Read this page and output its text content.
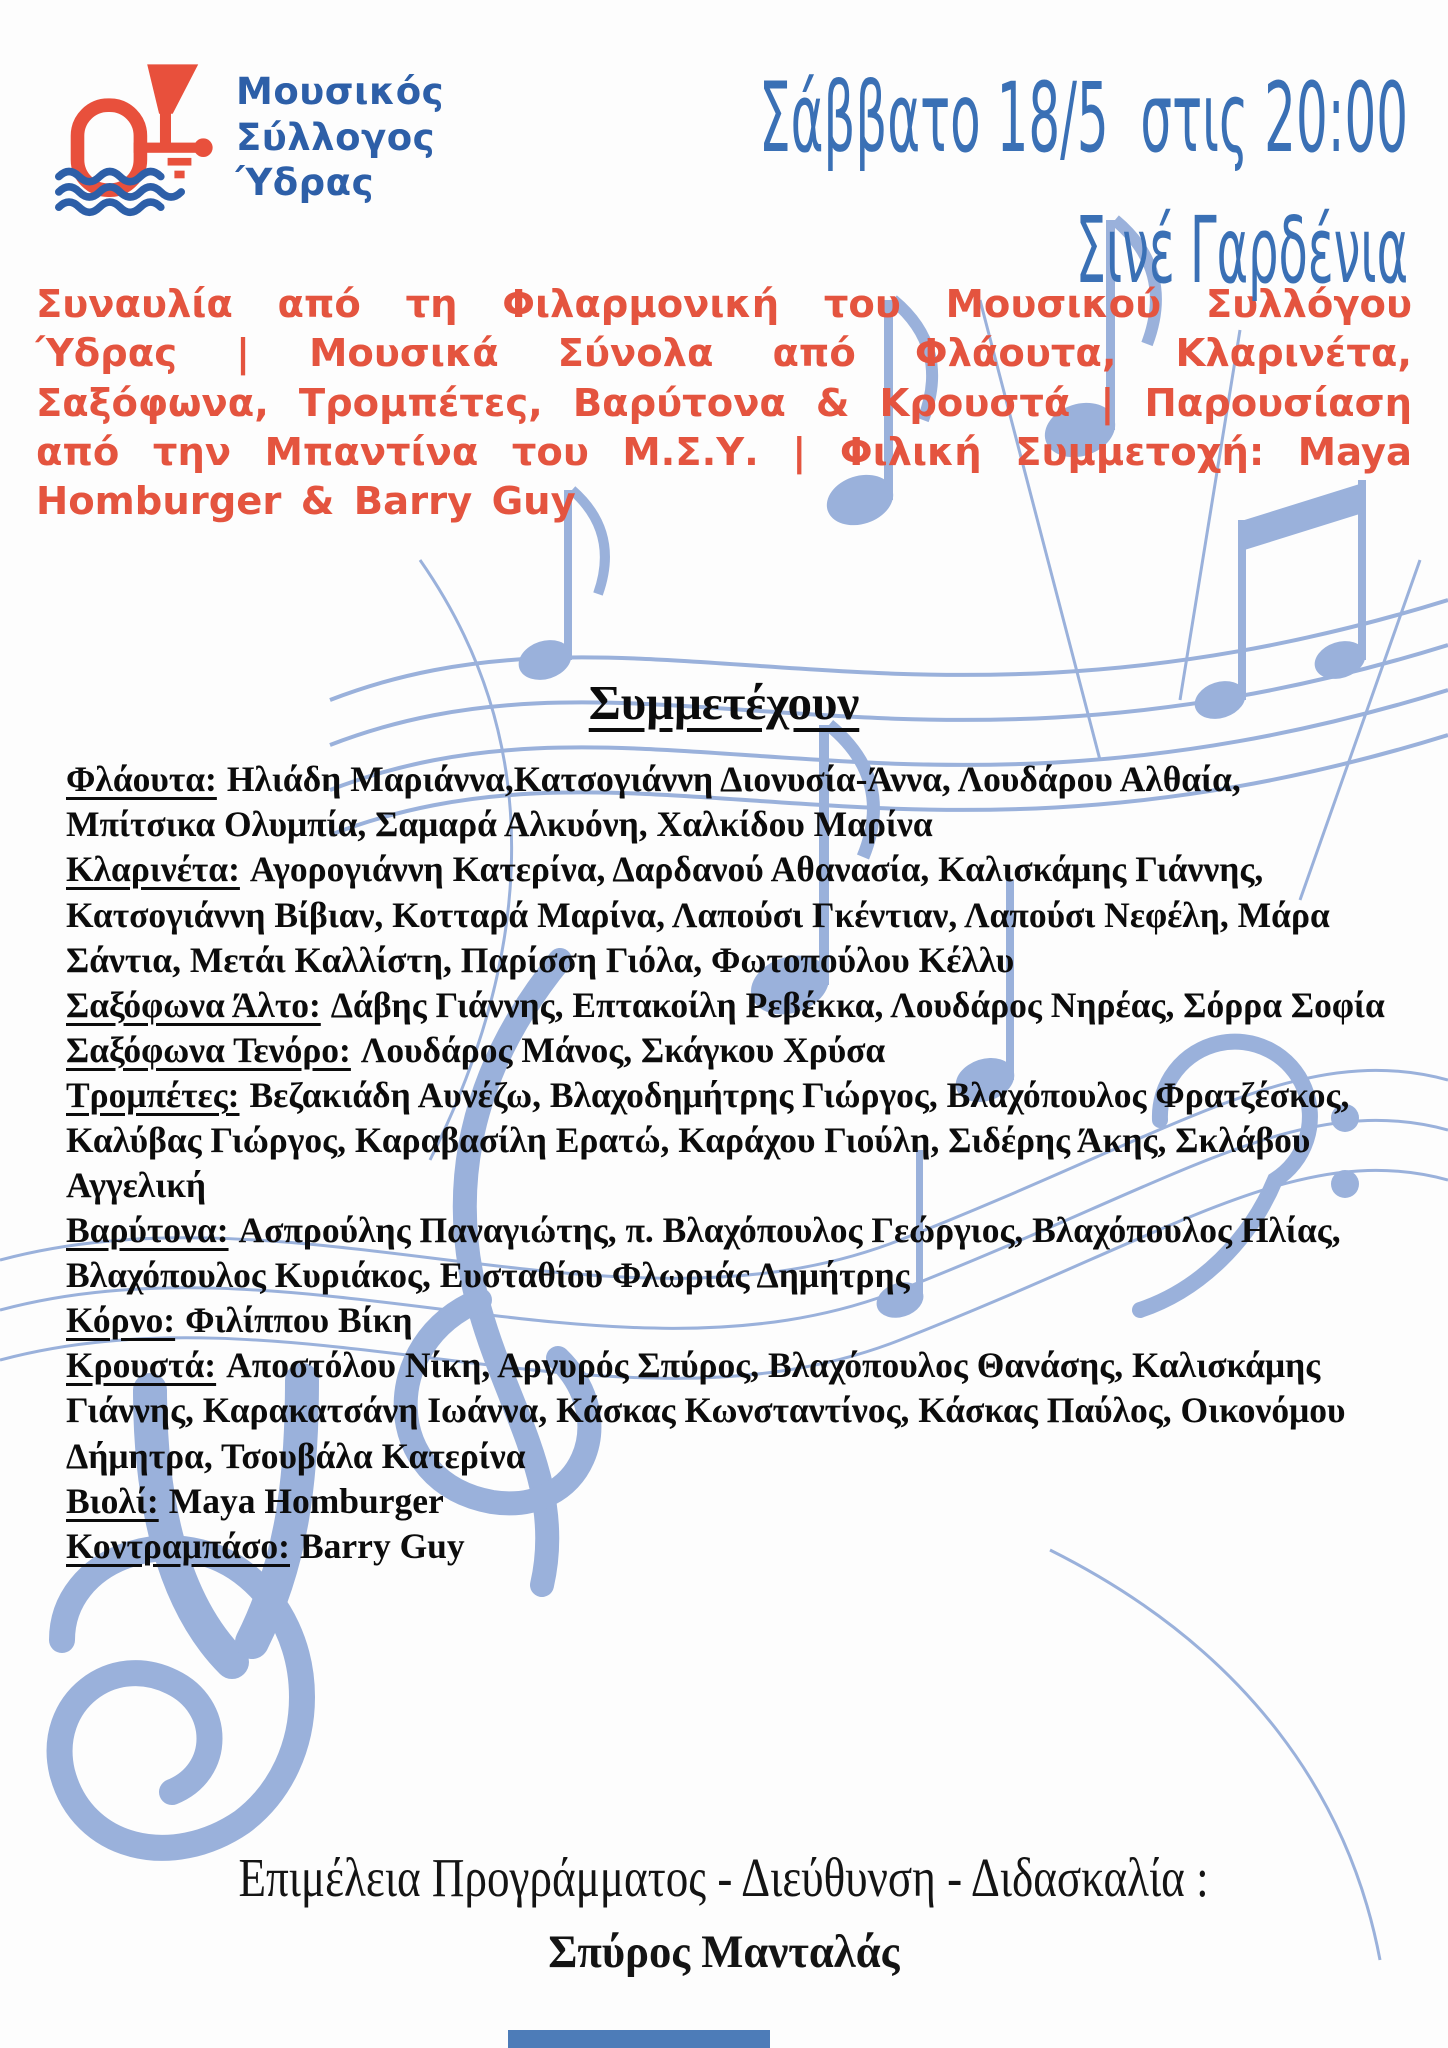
Μουσικός
Σύλλογος
Ύδρας
Σάββατο 18/5  στις 20:00
Σινέ Γαρδένια

Συναυλία από τη Φιλαρμονική του Μουσικού Συλλόγου Ύδρας | Μουσικά Σύνολα από Φλάουτα, Κλαρινέτα, Σαξόφωνα, Τρομπέτες, Βαρύτονα & Κρουστά | Παρουσίαση από την Μπαντίνα του Μ.Σ.Υ. | Φιλική Συμμετοχή: Maya Homburger & Barry Guy

Συμμετέχουν
Φλάουτα: Ηλιάδη Μαριάννα,Κατσογιάννη Διονυσία-Άννα, Λουδάρου Αλθαία, Μπίτσικα Ολυμπία, Σαμαρά Αλκυόνη, Χαλκίδου Μαρίνα
Κλαρινέτα: Αγορογιάννη Κατερίνα, Δαρδανού Αθανασία, Καλισκάμης Γιάννης, Κατσογιάννη Βίβιαν, Κοτταρά Μαρίνα, Λαπούσι Γκέντιαν, Λαπούσι Νεφέλη, Μάρα Σάντια, Μετάι Καλλίστη, Παρίσση Γιόλα, Φωτοπούλου Κέλλυ
Σαξόφωνα Άλτο: Δάβης Γιάννης, Επτακοίλη Ρεβέκκα, Λουδάρος Νηρέας, Σόρρα Σοφία
Σαξόφωνα Τενόρο: Λουδάρος Μάνος, Σκάγκου Χρύσα
Τρομπέτες: Βεζακιάδη Αυνέζω, Βλαχοδημήτρης Γιώργος, Βλαχόπουλος Φρατζέσκος, Καλύβας Γιώργος, Καραβασίλη Ερατώ, Καράχου Γιούλη, Σιδέρης Άκης, Σκλάβου Αγγελική
Βαρύτονα: Ασπρούλης Παναγιώτης, π. Βλαχόπουλος Γεώργιος, Βλαχόπουλος Ηλίας, Βλαχόπουλος Κυριάκος, Ευσταθίου Φλωριάς Δημήτρης
Κόρνο: Φιλίππου Βίκη
Κρουστά: Αποστόλου Νίκη, Αργυρός Σπύρος, Βλαχόπουλος Θανάσης, Καλισκάμης Γιάννης, Καρακατσάνη Ιωάννα, Κάσκας Κωνσταντίνος, Κάσκας Παύλος, Οικονόμου Δήμητρα, Τσουβάλα Κατερίνα
Βιολί: Maya Homburger
Κοντραμπάσο: Barry Guy
Επιμέλεια Προγράμματος - Διεύθυνση - Διδασκαλία :
Σπύρος Μανταλάς
